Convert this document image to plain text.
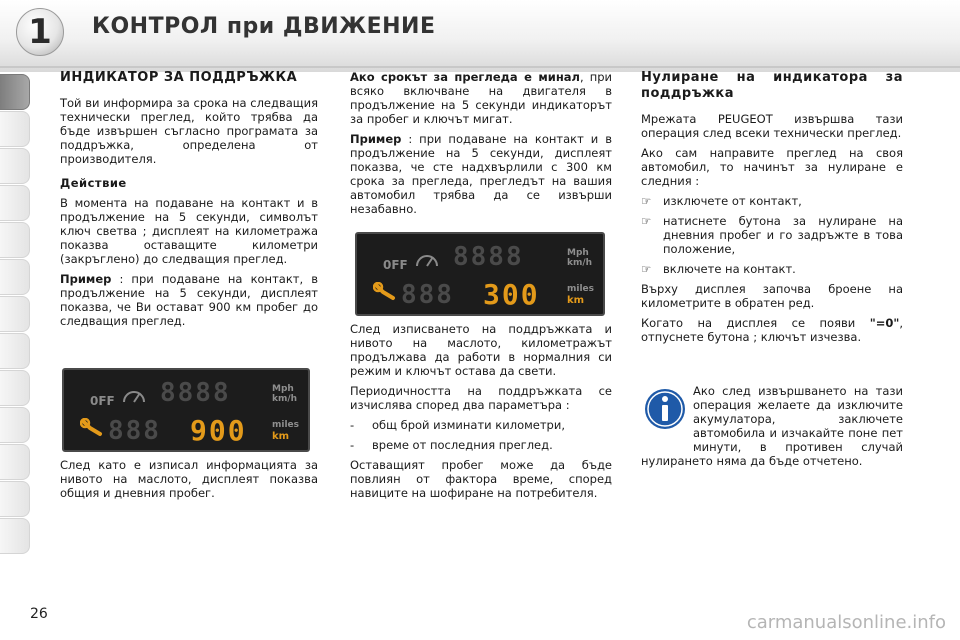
1	КОНТРОЛ при ДВИЖЕНИЕ
ИНДИКАТОР ЗА ПОДДРЪЖКА

Той ви информира за срока на следващия технически преглед, който трябва да бъде извършен съгласно програмата за поддръжка, определена от производителя.

Действие

В момента на подаване на контакт и в продължение на 5 секунди, символът ключ светва ; дисплеят на километража показва оставащите километри (закръглено) до следващия преглед.

Пример : при подаване на контакт, в продължение на 5 секунди, дисплеят показва, че Ви остават 900 км пробег до следващия преглед.

След като е изписал информацията за нивото на маслото, дисплеят показва общия и дневния пробег.

0FF 8888	Mph
km/h
888 900	miles
km

Ако срокът за прегледа е минал, при всяко включване на двигателя в продължение на 5 секунди индикаторът за пробег и ключът мигат.

Пример : при подаване на контакт и в продължение на 5 секунди, дисплеят показва, че сте надхвърлили с 300 км срока за прегледа, прегледът на вашия автомобил трябва да се извърши незабавно.

След изписването на поддръжката и нивото на маслото, километражът продължава да работи в нормалния си режим и ключът остава да свети.

Периодичността на поддръжката се изчислява според два параметъра :

-	общ брой изминати километри,
-	време от последния преглед.

Оставащият пробег може да бъде повлиян от фактора време, според навиците на шофиране на потребителя.

0FF 8888	Mph
km/h
888 300	miles
km
Нулиране на индикатора за поддръжка

Мрежата PEUGEOT извършва тази операция след всеки технически преглед.

Ако сам направите преглед на своя автомобил, то начинът за нулиране е следния :

☞	изключете от контакт,
☞	натиснете бутона за нулиране на дневния пробег и го задръжте в това положение,
☞	включете на контакт.

Върху дисплея започва броене на километрите в обратен ред.

Когато на дисплея се появи "=0", отпуснете бутона ; ключът изчезва.

Ако след извършването на тази операция желаете да изключите акумулатора, заключете автомобила и изчакайте поне пет минути, в противен случай нулирането няма да бъде отчетено.
26	carmanualsonline.info
